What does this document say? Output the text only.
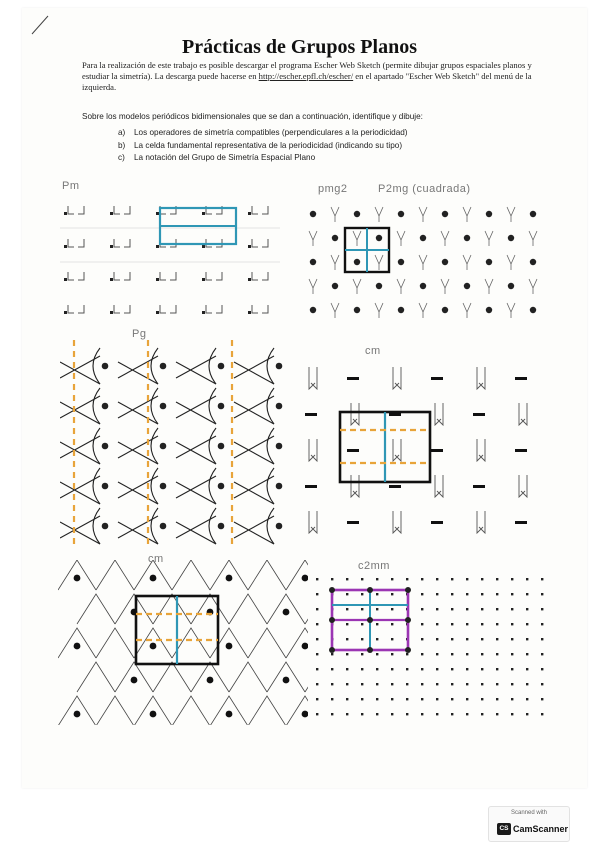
Prácticas de Grupos Planos
Para la realización de este trabajo es posible descargar el programa Escher Web Sketch (permite dibujar grupos espaciales planos y estudiar la simetría). La descarga puede hacerse en http://escher.epfl.ch/escher/ en el apartado "Escher Web Sketch" del menú de la izquierda.
Sobre los modelos periódicos bidimensionales que se dan a continuación, identifique y dibuje:
a) Los operadores de simetría compatibles (perpendiculares a la periodicidad)
b) La celda fundamental representativa de la periodicidad (indicando su tipo)
c) La notación del Grupo de Simetría Espacial Plano
Pm	pmg2	P2mg (cuadrada)
Pg
cm
cm
c2mm
Scanned with
CS CamScanner
